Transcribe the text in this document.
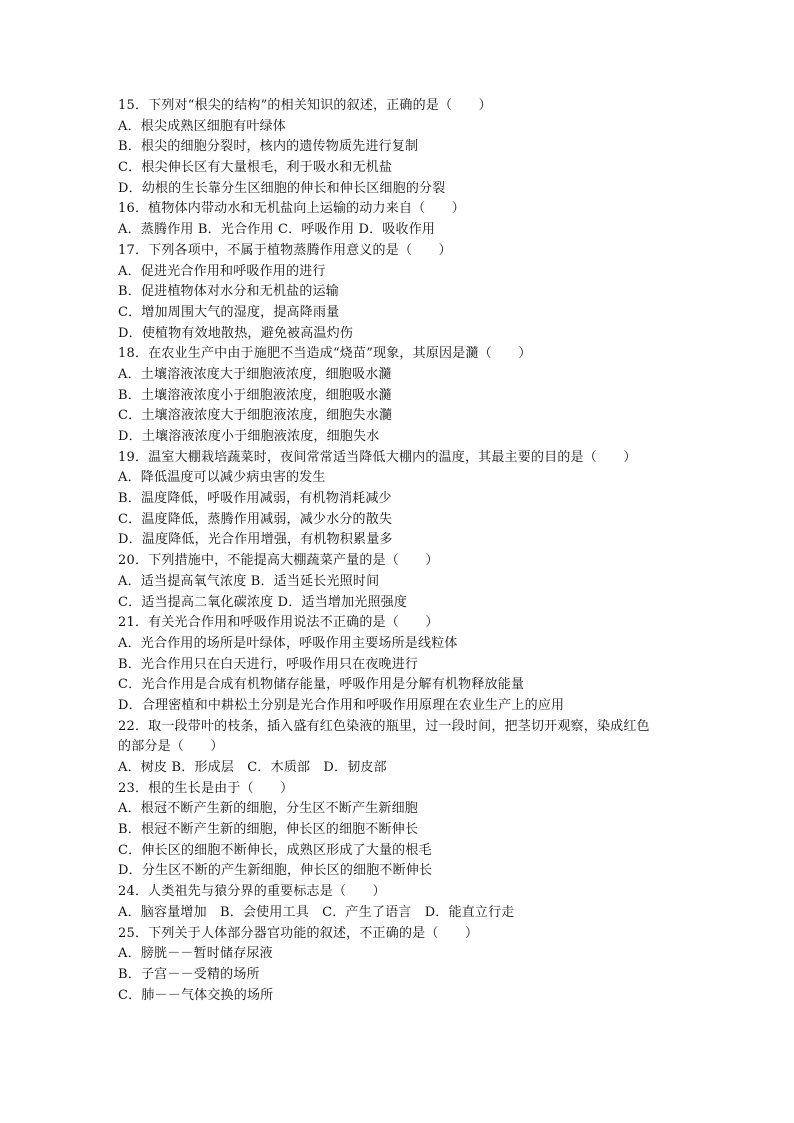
15．下列对“根尖的结构”的相关知识的叙述，正确的是（　　）
A．根尖成熟区细胞有叶绿体
B．根尖的细胞分裂时，核内的遗传物质先进行复制
C．根尖伸长区有大量根毛，利于吸水和无机盐
D．幼根的生长靠分生区细胞的伸长和伸长区细胞的分裂
16．植物体内带动水和无机盐向上运输的动力来自（　　）
A．蒸腾作用 B．光合作用 C．呼吸作用 D．吸收作用
17．下列各项中，不属于植物蒸腾作用意义的是（　　）
A．促进光合作用和呼吸作用的进行
B．促进植物体对水分和无机盐的运输
C．增加周围大气的湿度，提高降雨量
D．使植物有效地散热，避免被高温灼伤
18．在农业生产中由于施肥不当造成“烧苗”现象，其原因是瀡（　　）
A．土壤溶液浓度大于细胞液浓度，细胞吸水瀡
B．土壤溶液浓度小于细胞液浓度，细胞吸水瀡
C．土壤溶液浓度大于细胞液浓度，细胞失水瀡
D．土壤溶液浓度小于细胞液浓度，细胞失水
19．温室大棚栽培蔬菜时，夜间常常适当降低大棚内的温度，其最主要的目的是（　　）
A．降低温度可以减少病虫害的发生
B．温度降低，呼吸作用减弱，有机物消耗减少
C．温度降低，蒸腾作用减弱，减少水分的散失
D．温度降低，光合作用增强，有机物积累量多
20．下列措施中，不能提高大棚蔬菜产量的是（　　）
A．适当提高氧气浓度 B．适当延长光照时间
C．适当提高二氧化碳浓度 D．适当增加光照强度
21．有关光合作用和呼吸作用说法不正确的是（　　）
A．光合作用的场所是叶绿体，呼吸作用主要场所是线粒体
B．光合作用只在白天进行，呼吸作用只在夜晚进行
C．光合作用是合成有机物储存能量，呼吸作用是分解有机物释放能量
D．合理密植和中耕松土分别是光合作用和呼吸作用原理在农业生产上的应用
22．取一段带叶的枝条，插入盛有红色染液的瓶里，过一段时间，把茎切开观察，染成红色
的部分是（　　）
A．树皮 B．形成层　C．木质部　D．韧皮部
23．根的生长是由于（　　）
A．根冠不断产生新的细胞，分生区不断产生新细胞
B．根冠不断产生新的细胞，伸长区的细胞不断伸长
C．伸长区的细胞不断伸长，成熟区形成了大量的根毛
D．分生区不断的产生新细胞，伸长区的细胞不断伸长
24．人类祖先与猿分界的重要标志是（　　）
A．脑容量增加　B．会使用工具　C．产生了语言　D．能直立行走
25．下列关于人体部分器官功能的叙述，不正确的是（　　）
A．膀胱－－暂时储存尿液
B．子宫－－受精的场所
C．肺－－气体交换的场所
